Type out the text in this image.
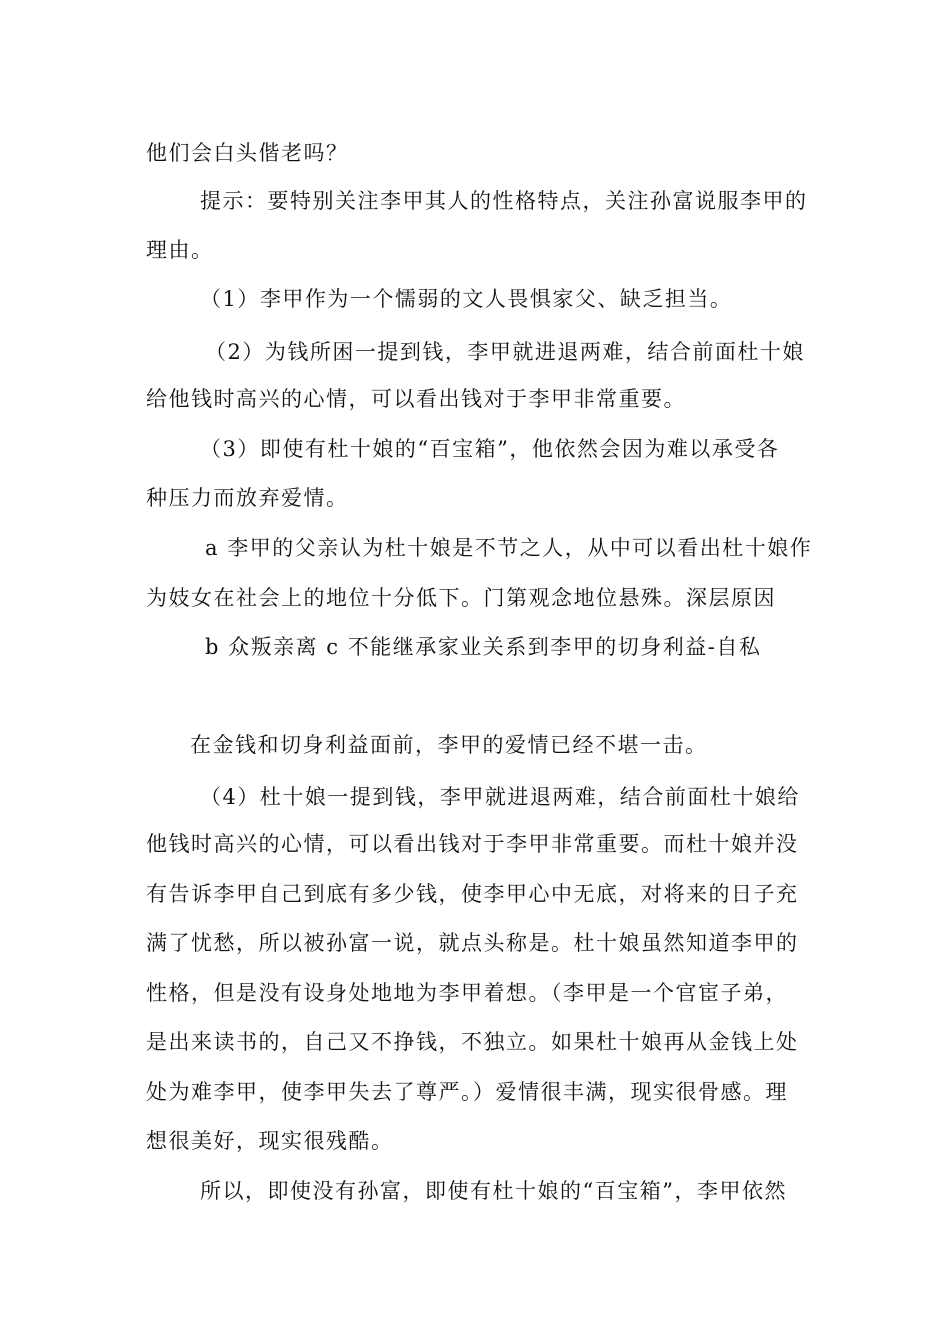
他们会白头偕老吗？
提示：要特别关注李甲其人的性格特点，关注孙富说服李甲的
理由。
（1）李甲作为一个懦弱的文人畏惧家父、缺乏担当。
（2）为钱所困一提到钱，李甲就进退两难，结合前面杜十娘
给他钱时高兴的心情，可以看出钱对于李甲非常重要。
（3）即使有杜十娘的“百宝箱”，他依然会因为难以承受各
种压力而放弃爱情。
a 李甲的父亲认为杜十娘是不节之人，从中可以看出杜十娘作
为妓女在社会上的地位十分低下。门第观念地位悬殊。深层原因
b 众叛亲离 c 不能继承家业关系到李甲的切身利益-自私
在金钱和切身利益面前，李甲的爱情已经不堪一击。
（4）杜十娘一提到钱，李甲就进退两难，结合前面杜十娘给
他钱时高兴的心情，可以看出钱对于李甲非常重要。而杜十娘并没
有告诉李甲自己到底有多少钱，使李甲心中无底，对将来的日子充
满了忧愁，所以被孙富一说，就点头称是。杜十娘虽然知道李甲的
性格，但是没有设身处地地为李甲着想。（李甲是一个官宦子弟，
是出来读书的，自己又不挣钱，不独立。如果杜十娘再从金钱上处
处为难李甲，使李甲失去了尊严。）爱情很丰满，现实很骨感。理
想很美好，现实很残酷。
所以，即使没有孙富，即使有杜十娘的“百宝箱”，李甲依然
